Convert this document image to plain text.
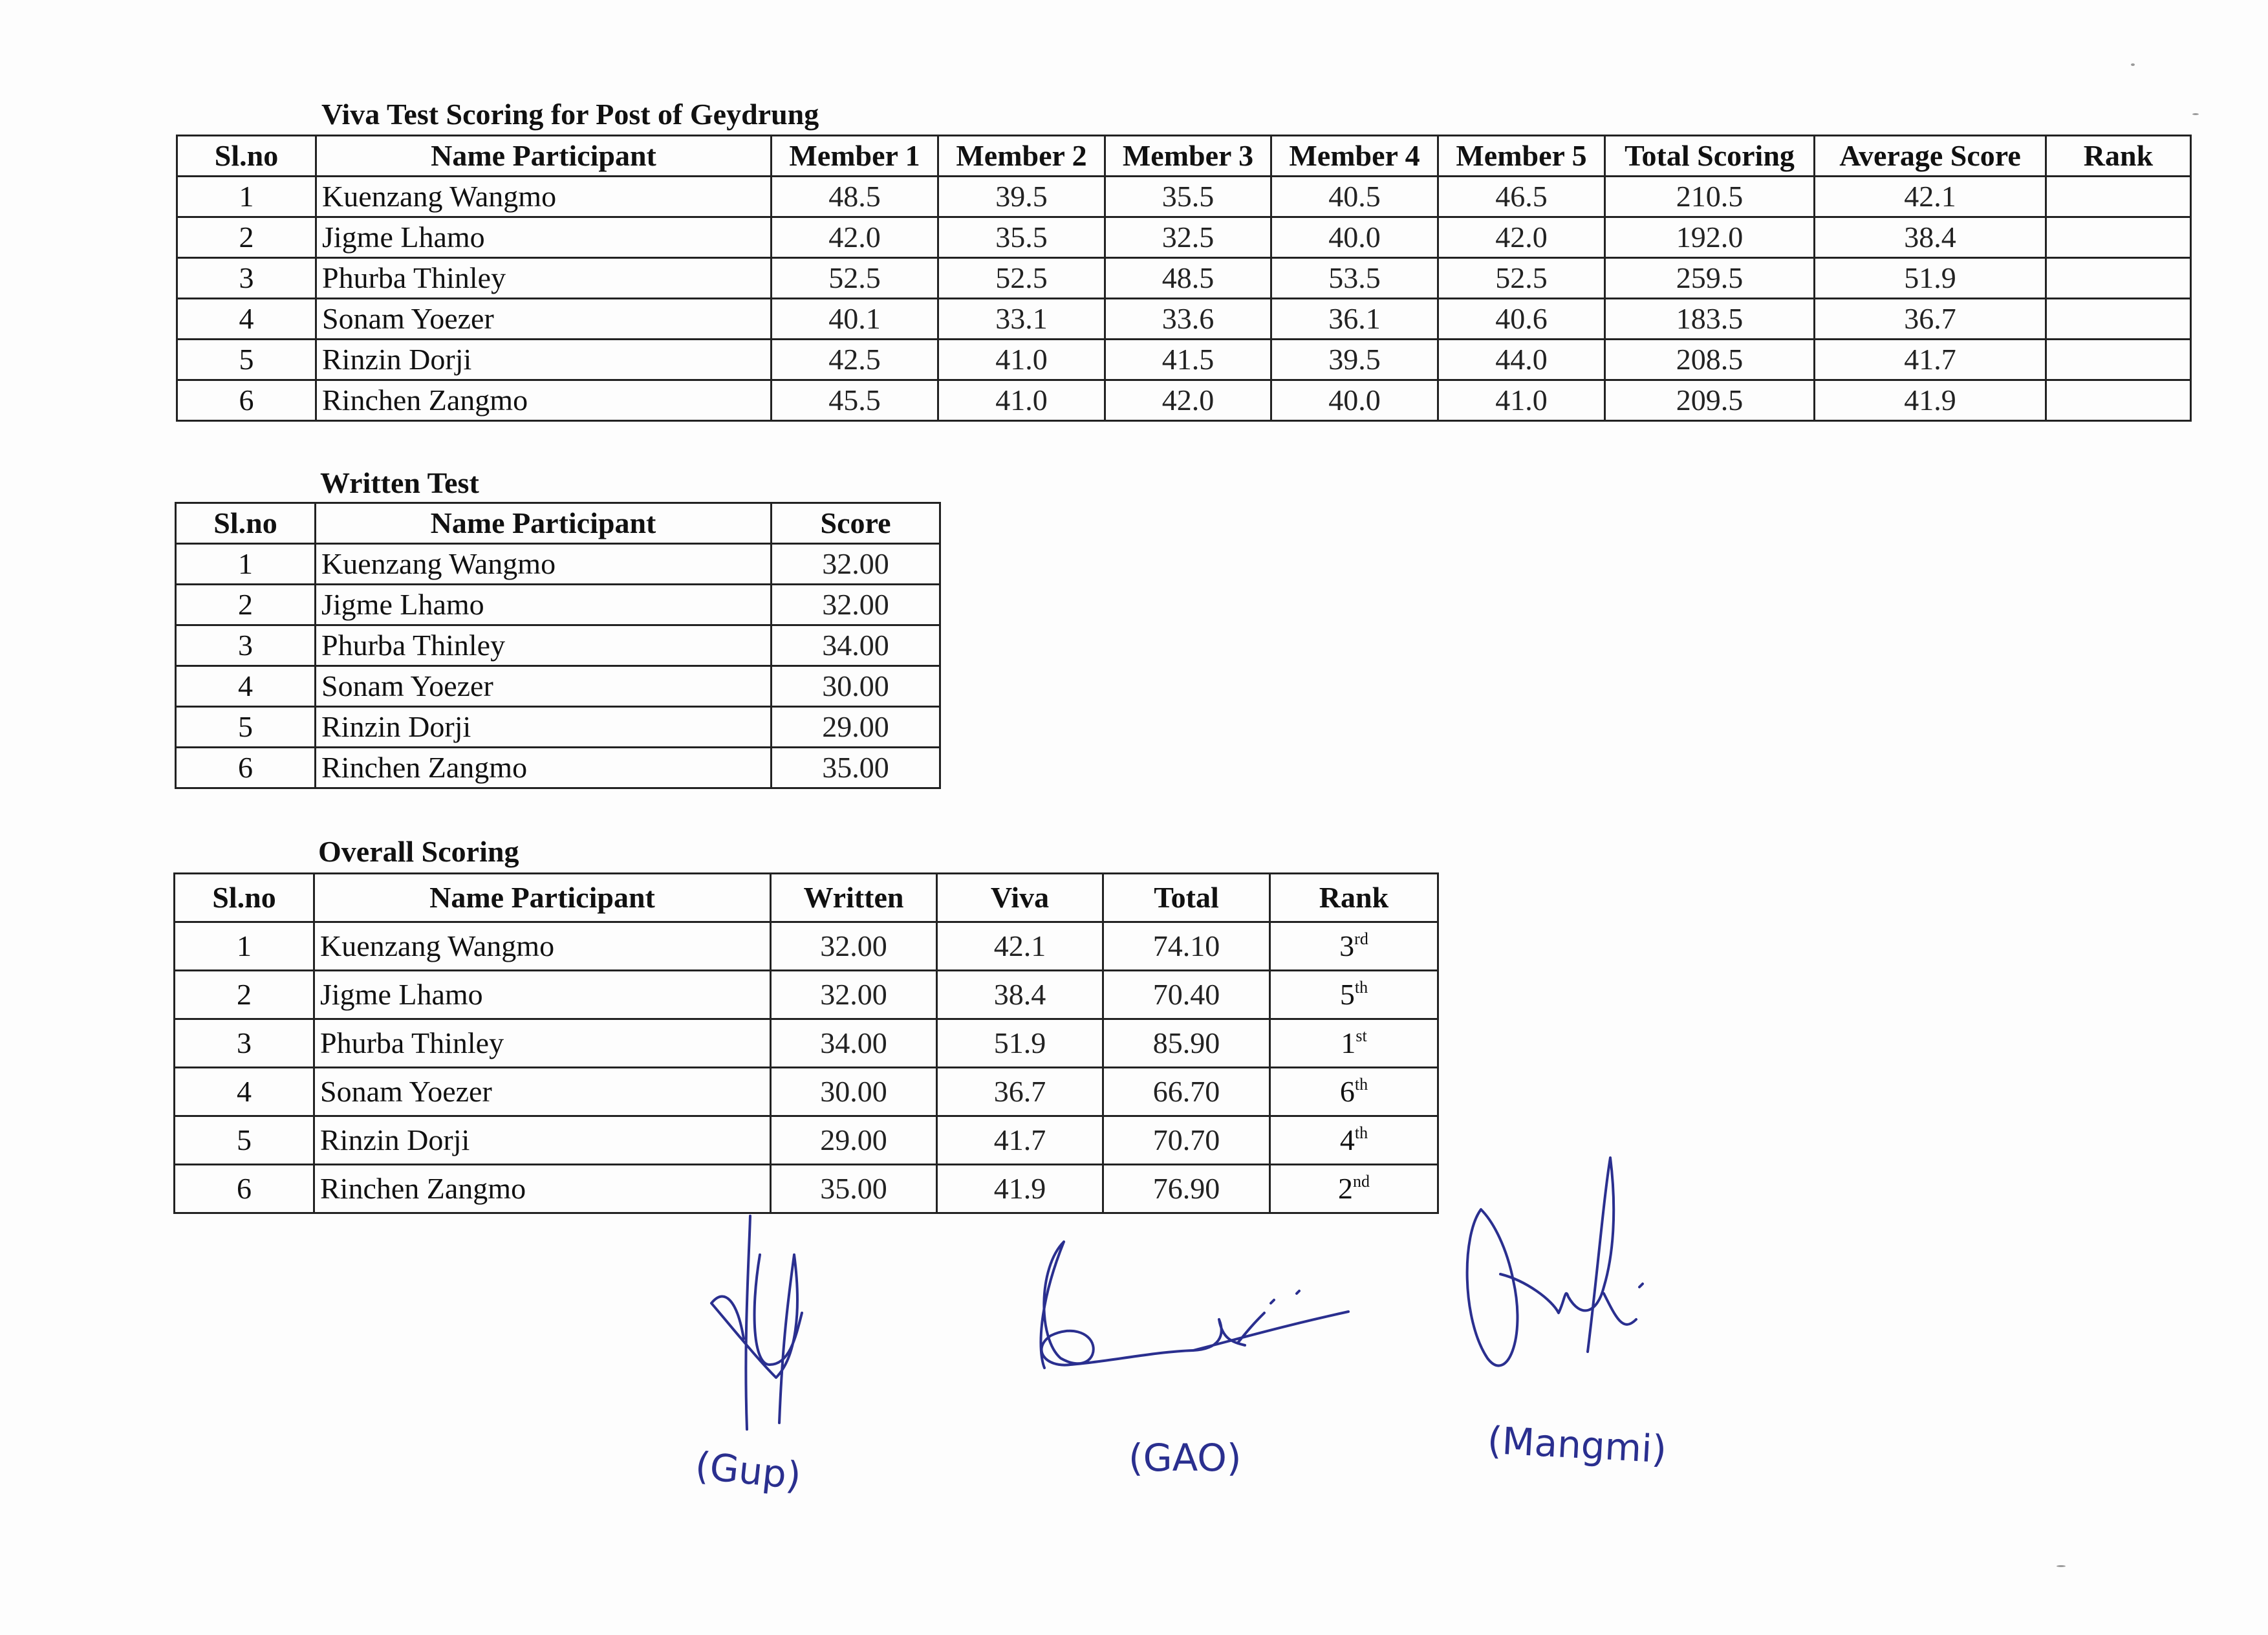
Viva Test Scoring for Post of Geydrung
Sl.no	Name Participant	Member 1	Member 2	Member 3	Member 4	Member 5	Total Scoring	Average Score	Rank
1	Kuenzang Wangmo	48.5	39.5	35.5	40.5	46.5	210.5	42.1	
2	Jigme Lhamo	42.0	35.5	32.5	40.0	42.0	192.0	38.4	
3	Phurba Thinley	52.5	52.5	48.5	53.5	52.5	259.5	51.9	
4	Sonam Yoezer	40.1	33.1	33.6	36.1	40.6	183.5	36.7	
5	Rinzin Dorji	42.5	41.0	41.5	39.5	44.0	208.5	41.7	
6	Rinchen Zangmo	45.5	41.0	42.0	40.0	41.0	209.5	41.9	
Written Test
Sl.no	Name Participant	Score
1	Kuenzang Wangmo	32.00
2	Jigme Lhamo	32.00
3	Phurba Thinley	34.00
4	Sonam Yoezer	30.00
5	Rinzin Dorji	29.00
6	Rinchen Zangmo	35.00
Overall Scoring
Sl.no	Name Participant	Written	Viva	Total	Rank
1	Kuenzang Wangmo	32.00	42.1	74.10	3rd
2	Jigme Lhamo	32.00	38.4	70.40	5th
3	Phurba Thinley	34.00	51.9	85.90	1st
4	Sonam Yoezer	30.00	36.7	66.70	6th
5	Rinzin Dorji	29.00	41.7	70.70	4th
6	Rinchen Zangmo	35.00	41.9	76.90	2nd
(Gup)	(GAO)	(Mangmi)
